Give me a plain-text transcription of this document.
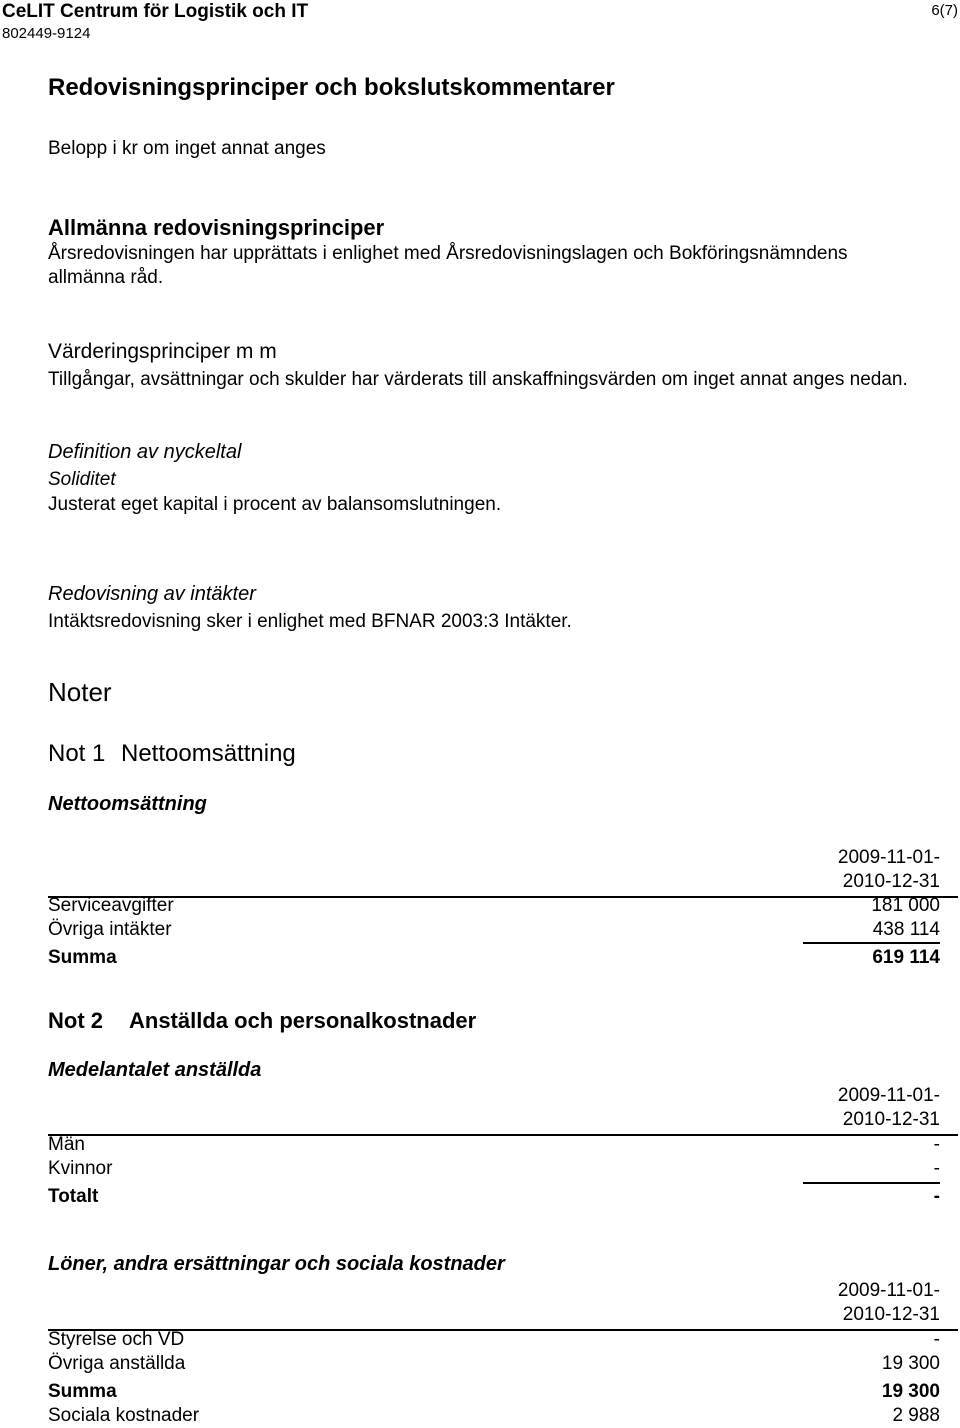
CeLIT Centrum för Logistik och IT
802449-9124
6(7)
Redovisningsprinciper och bokslutskommentarer
Belopp i kr om inget annat anges
Allmänna redovisningsprinciper
Årsredovisningen har upprättats i enlighet med Årsredovisningslagen och Bokföringsnämndens
allmänna råd.
Värderingsprinciper m m
Tillgångar, avsättningar och skulder har värderats till anskaffningsvärden om inget annat anges nedan.
Definition av nyckeltal
Soliditet
Justerat eget kapital i procent av balansomslutningen.
Redovisning av intäkter
Intäktsredovisning sker i enlighet med BFNAR 2003:3 Intäkter.
Noter
Not 1 Nettoomsättning
Nettoomsättning
2009-11-01-
2010-12-31
Serviceavgifter	181 000
Övriga intäkter	438 114
Summa	619 114
Not 2 Anställda och personalkostnader
Medelantalet anställda
2009-11-01-
2010-12-31
Män	-
Kvinnor	-
Totalt	-
Löner, andra ersättningar och sociala kostnader
2009-11-01-
2010-12-31
Styrelse och VD	-
Övriga anställda	19 300
Summa	19 300
Sociala kostnader	2 988
